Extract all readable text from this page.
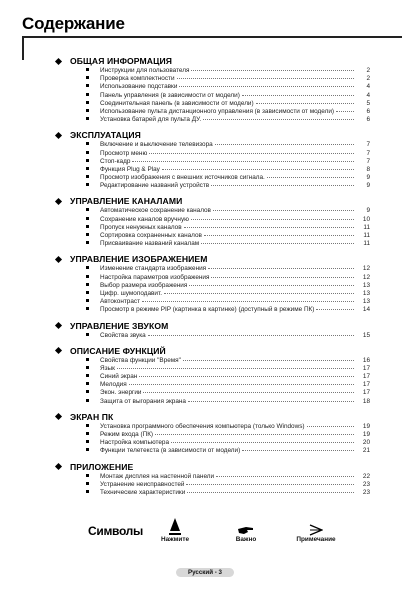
Содержание
ОБЩАЯ ИНФОРМАЦИЯ
Инструкции для пользователя	2
Проверка комплектности	2
Использование подставки	4
Панель управления (в зависимости от модели)	4
Соединительная панель (в зависимости от модели)	5
Использование пульта дистанционного управления (в зависимости от модели)	6
Установка батарей для пульта ДУ.	6
ЭКСПЛУАТАЦИЯ
Включение и выключение телевизора	7
Просмотр меню	7
Стоп-кадр	7
Функция Plug & Play	8
Просмотр изображения с внешних источников сигнала.	9
Редактирование названий устройств	9
УПРАВЛЕНИЕ КАНАЛАМИ
Автоматическое сохранение каналов	9
Сохранение каналов вручную	10
Пропуск ненужных каналов	11
Сортировка сохраненных каналов	11
Присваивание названий каналам	11
УПРАВЛЕНИЕ ИЗОБРАЖЕНИЕМ
Изменение стандарта изображения	12
Настройка параметров изображения	12
Выбор размера изображения	13
Цифр. шумоподавит.	13
Автоконтраст	13
Просмотр в режиме PIP (картинка в картинке) (доступный в режиме ПК)	14
УПРАВЛЕНИЕ ЗВУКОМ
Свойства звука	15
ОПИСАНИЕ ФУНКЦИЙ
Свойства функции "Время"	16
Язык	17
Синий экран	17
Мелодия	17
Экон. энергии	17
Защита от выгорания экрана	18
ЭКРАН ПК
Установка программного обеспечения компьютера (только Windows)	19
Режим входа (ПК)	19
Настройка компьютера	20
Функции телетекста (в зависимости от модели)	21
ПРИЛОЖЕНИЕ
Монтаж дисплея на настенной панели	22
Устранение неисправностей	23
Технические характеристики	23
Символы
Нажмите	Важно	Примечание
Русский - 3
